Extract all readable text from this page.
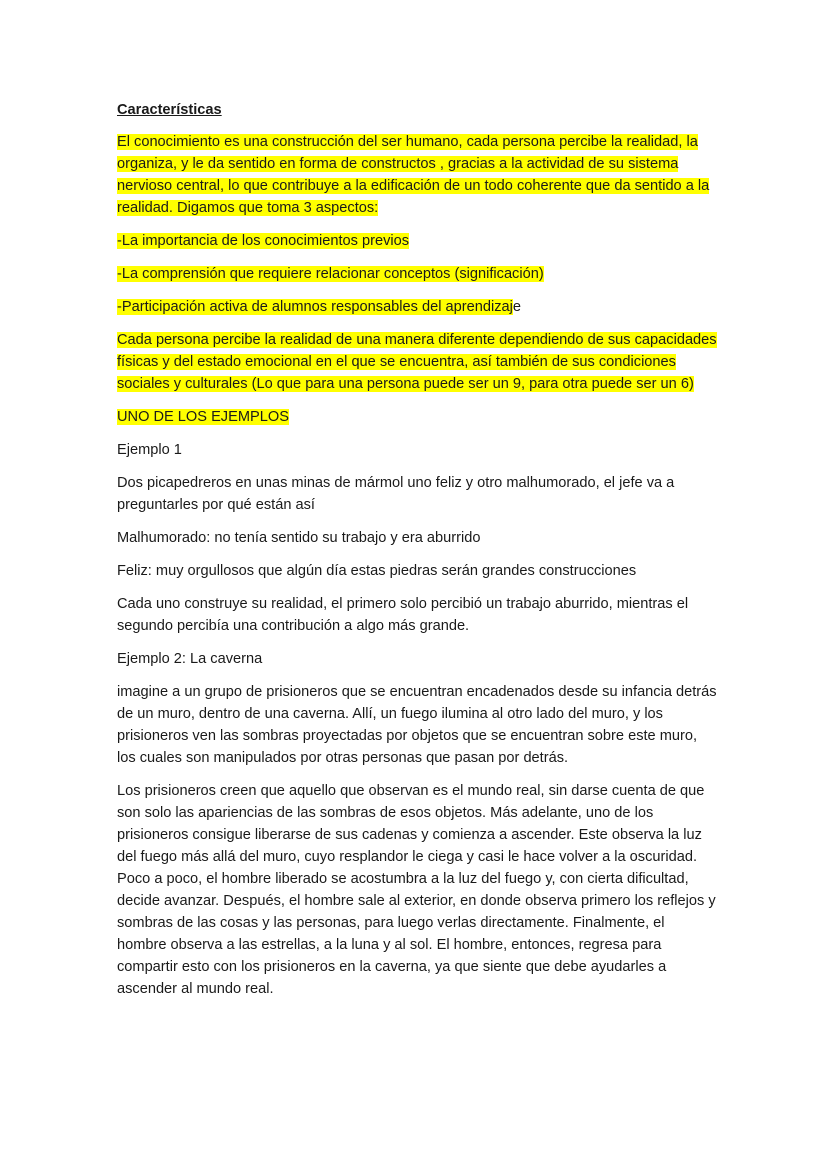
Características

El conocimiento es una construcción del ser humano, cada persona percibe la realidad, la organiza, y le da sentido en forma de constructos , gracias a la actividad de su sistema nervioso central, lo que contribuye a la edificación de un todo coherente que da sentido a la realidad. Digamos que toma 3 aspectos:

-La importancia de los conocimientos previos

-La comprensión que requiere relacionar conceptos (significación)

-Participación activa de alumnos responsables del aprendizaje

Cada persona percibe la realidad de una manera diferente dependiendo de sus capacidades físicas y del estado emocional en el que se encuentra, así también de sus condiciones sociales y culturales (Lo que para una persona puede ser un 9, para otra puede ser un 6)

UNO DE LOS EJEMPLOS

Ejemplo 1

Dos picapedreros en unas minas de mármol uno feliz y otro malhumorado, el jefe va a preguntarles por qué están así

Malhumorado: no tenía sentido su trabajo y era aburrido

Feliz: muy orgullosos que algún día estas piedras serán grandes construcciones

Cada uno construye su realidad, el primero solo percibió un trabajo aburrido, mientras el segundo percibía una contribución a algo más grande.

Ejemplo 2: La caverna

imagine a un grupo de prisioneros que se encuentran encadenados desde su infancia detrás de un muro, dentro de una caverna. Allí, un fuego ilumina al otro lado del muro, y los prisioneros ven las sombras proyectadas por objetos que se encuentran sobre este muro, los cuales son manipulados por otras personas que pasan por detrás.

Los prisioneros creen que aquello que observan es el mundo real, sin darse cuenta de que son solo las apariencias de las sombras de esos objetos. Más adelante, uno de los prisioneros consigue liberarse de sus cadenas y comienza a ascender. Este observa la luz del fuego más allá del muro, cuyo resplandor le ciega y casi le hace volver a la oscuridad. Poco a poco, el hombre liberado se acostumbra a la luz del fuego y, con cierta dificultad, decide avanzar. Después, el hombre sale al exterior, en donde observa primero los reflejos y sombras de las cosas y las personas, para luego verlas directamente. Finalmente, el hombre observa a las estrellas, a la luna y al sol. El hombre, entonces, regresa para compartir esto con los prisioneros en la caverna, ya que siente que debe ayudarles a ascender al mundo real.
